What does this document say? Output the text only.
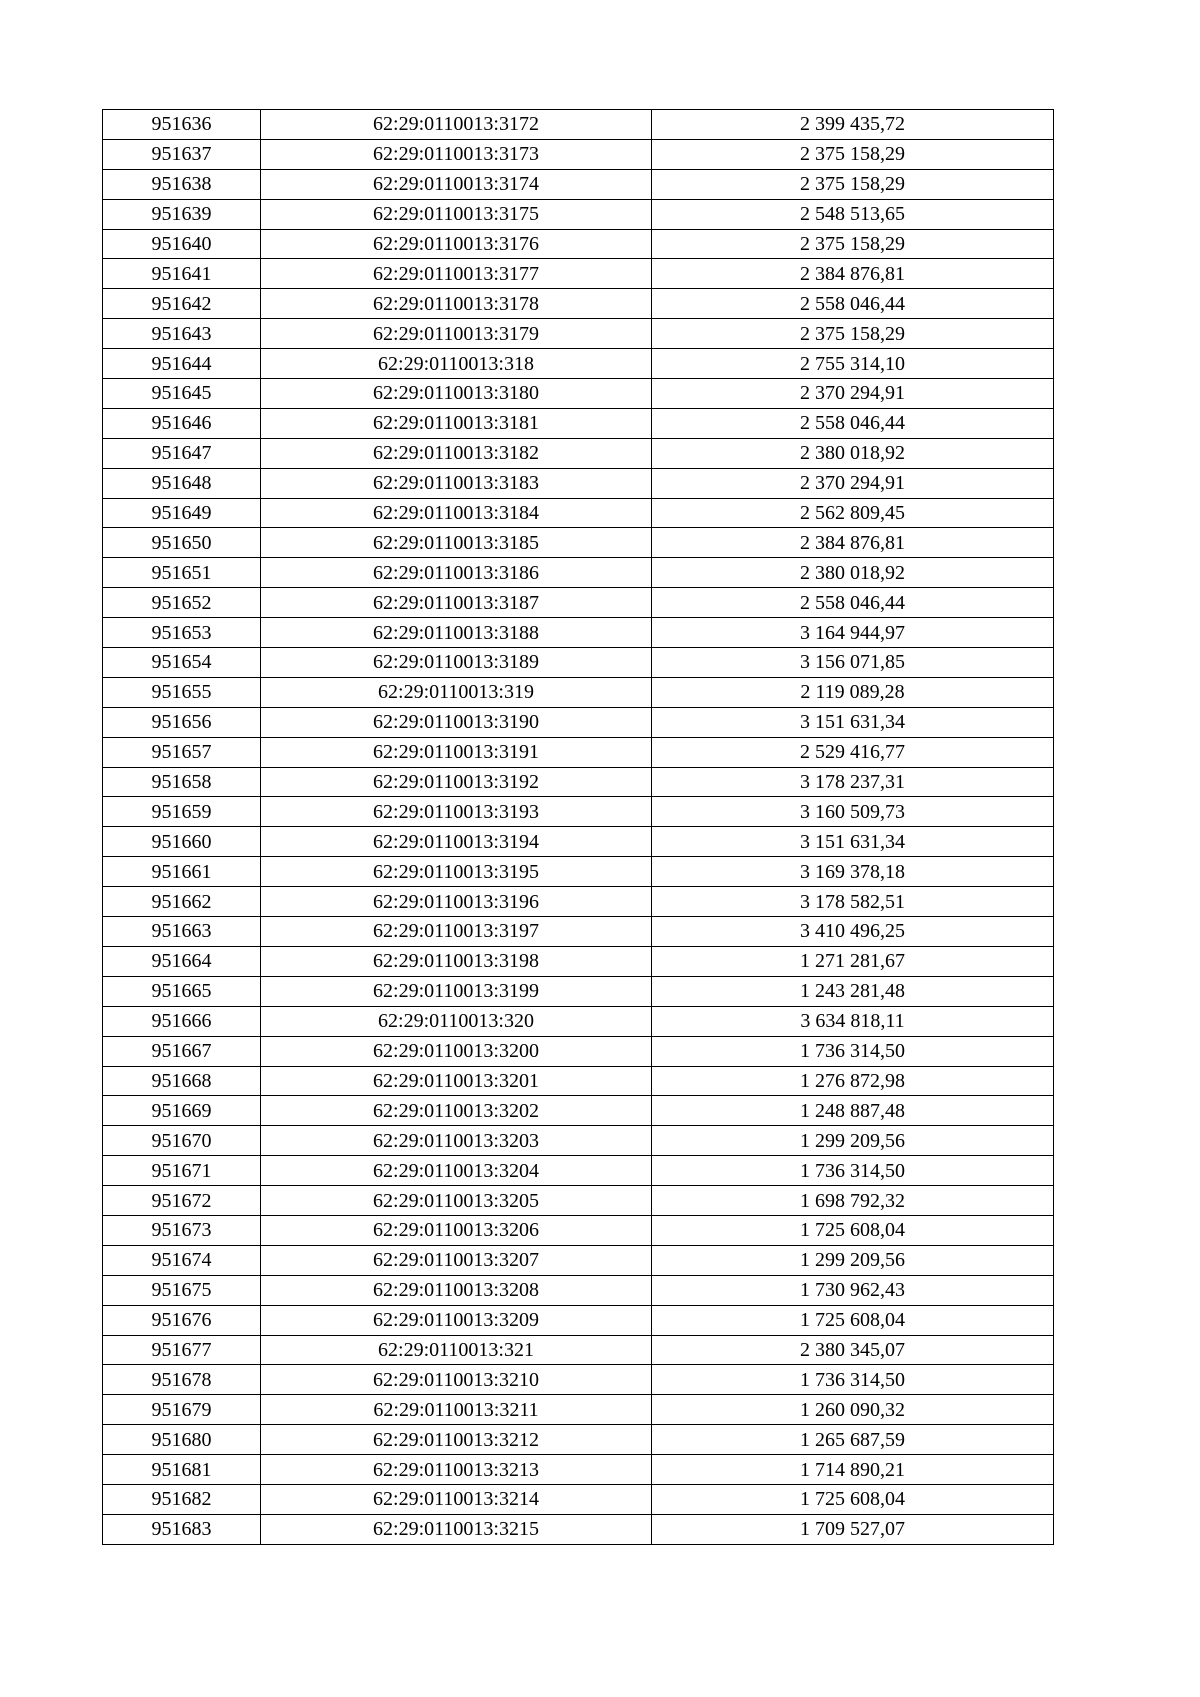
951636	62:29:0110013:3172	2 399 435,72
951637	62:29:0110013:3173	2 375 158,29
951638	62:29:0110013:3174	2 375 158,29
951639	62:29:0110013:3175	2 548 513,65
951640	62:29:0110013:3176	2 375 158,29
951641	62:29:0110013:3177	2 384 876,81
951642	62:29:0110013:3178	2 558 046,44
951643	62:29:0110013:3179	2 375 158,29
951644	62:29:0110013:318	2 755 314,10
951645	62:29:0110013:3180	2 370 294,91
951646	62:29:0110013:3181	2 558 046,44
951647	62:29:0110013:3182	2 380 018,92
951648	62:29:0110013:3183	2 370 294,91
951649	62:29:0110013:3184	2 562 809,45
951650	62:29:0110013:3185	2 384 876,81
951651	62:29:0110013:3186	2 380 018,92
951652	62:29:0110013:3187	2 558 046,44
951653	62:29:0110013:3188	3 164 944,97
951654	62:29:0110013:3189	3 156 071,85
951655	62:29:0110013:319	2 119 089,28
951656	62:29:0110013:3190	3 151 631,34
951657	62:29:0110013:3191	2 529 416,77
951658	62:29:0110013:3192	3 178 237,31
951659	62:29:0110013:3193	3 160 509,73
951660	62:29:0110013:3194	3 151 631,34
951661	62:29:0110013:3195	3 169 378,18
951662	62:29:0110013:3196	3 178 582,51
951663	62:29:0110013:3197	3 410 496,25
951664	62:29:0110013:3198	1 271 281,67
951665	62:29:0110013:3199	1 243 281,48
951666	62:29:0110013:320	3 634 818,11
951667	62:29:0110013:3200	1 736 314,50
951668	62:29:0110013:3201	1 276 872,98
951669	62:29:0110013:3202	1 248 887,48
951670	62:29:0110013:3203	1 299 209,56
951671	62:29:0110013:3204	1 736 314,50
951672	62:29:0110013:3205	1 698 792,32
951673	62:29:0110013:3206	1 725 608,04
951674	62:29:0110013:3207	1 299 209,56
951675	62:29:0110013:3208	1 730 962,43
951676	62:29:0110013:3209	1 725 608,04
951677	62:29:0110013:321	2 380 345,07
951678	62:29:0110013:3210	1 736 314,50
951679	62:29:0110013:3211	1 260 090,32
951680	62:29:0110013:3212	1 265 687,59
951681	62:29:0110013:3213	1 714 890,21
951682	62:29:0110013:3214	1 725 608,04
951683	62:29:0110013:3215	1 709 527,07
